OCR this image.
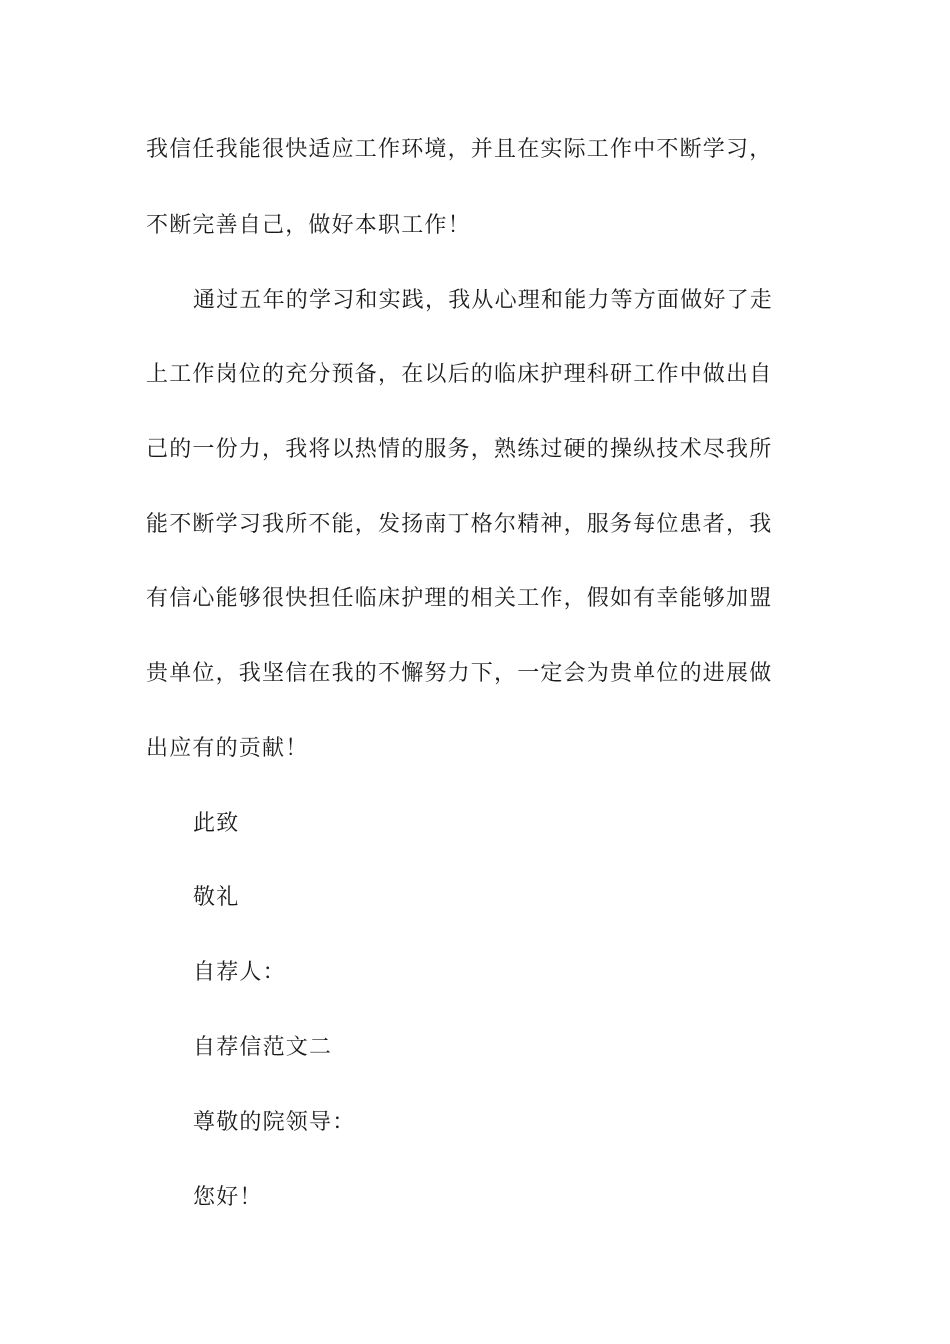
我信任我能很快适应工作环境，并且在实际工作中不断学习，
不断完善自己，做好本职工作！
通过五年的学习和实践，我从心理和能力等方面做好了走
上工作岗位的充分预备，在以后的临床护理科研工作中做出自
己的一份力，我将以热情的服务，熟练过硬的操纵技术尽我所
能不断学习我所不能，发扬南丁格尔精神，服务每位患者，我
有信心能够很快担任临床护理的相关工作，假如有幸能够加盟
贵单位，我坚信在我的不懈努力下，一定会为贵单位的进展做
出应有的贡献！
此致
敬礼
自荐人：
自荐信范文二
尊敬的院领导：
您好！
